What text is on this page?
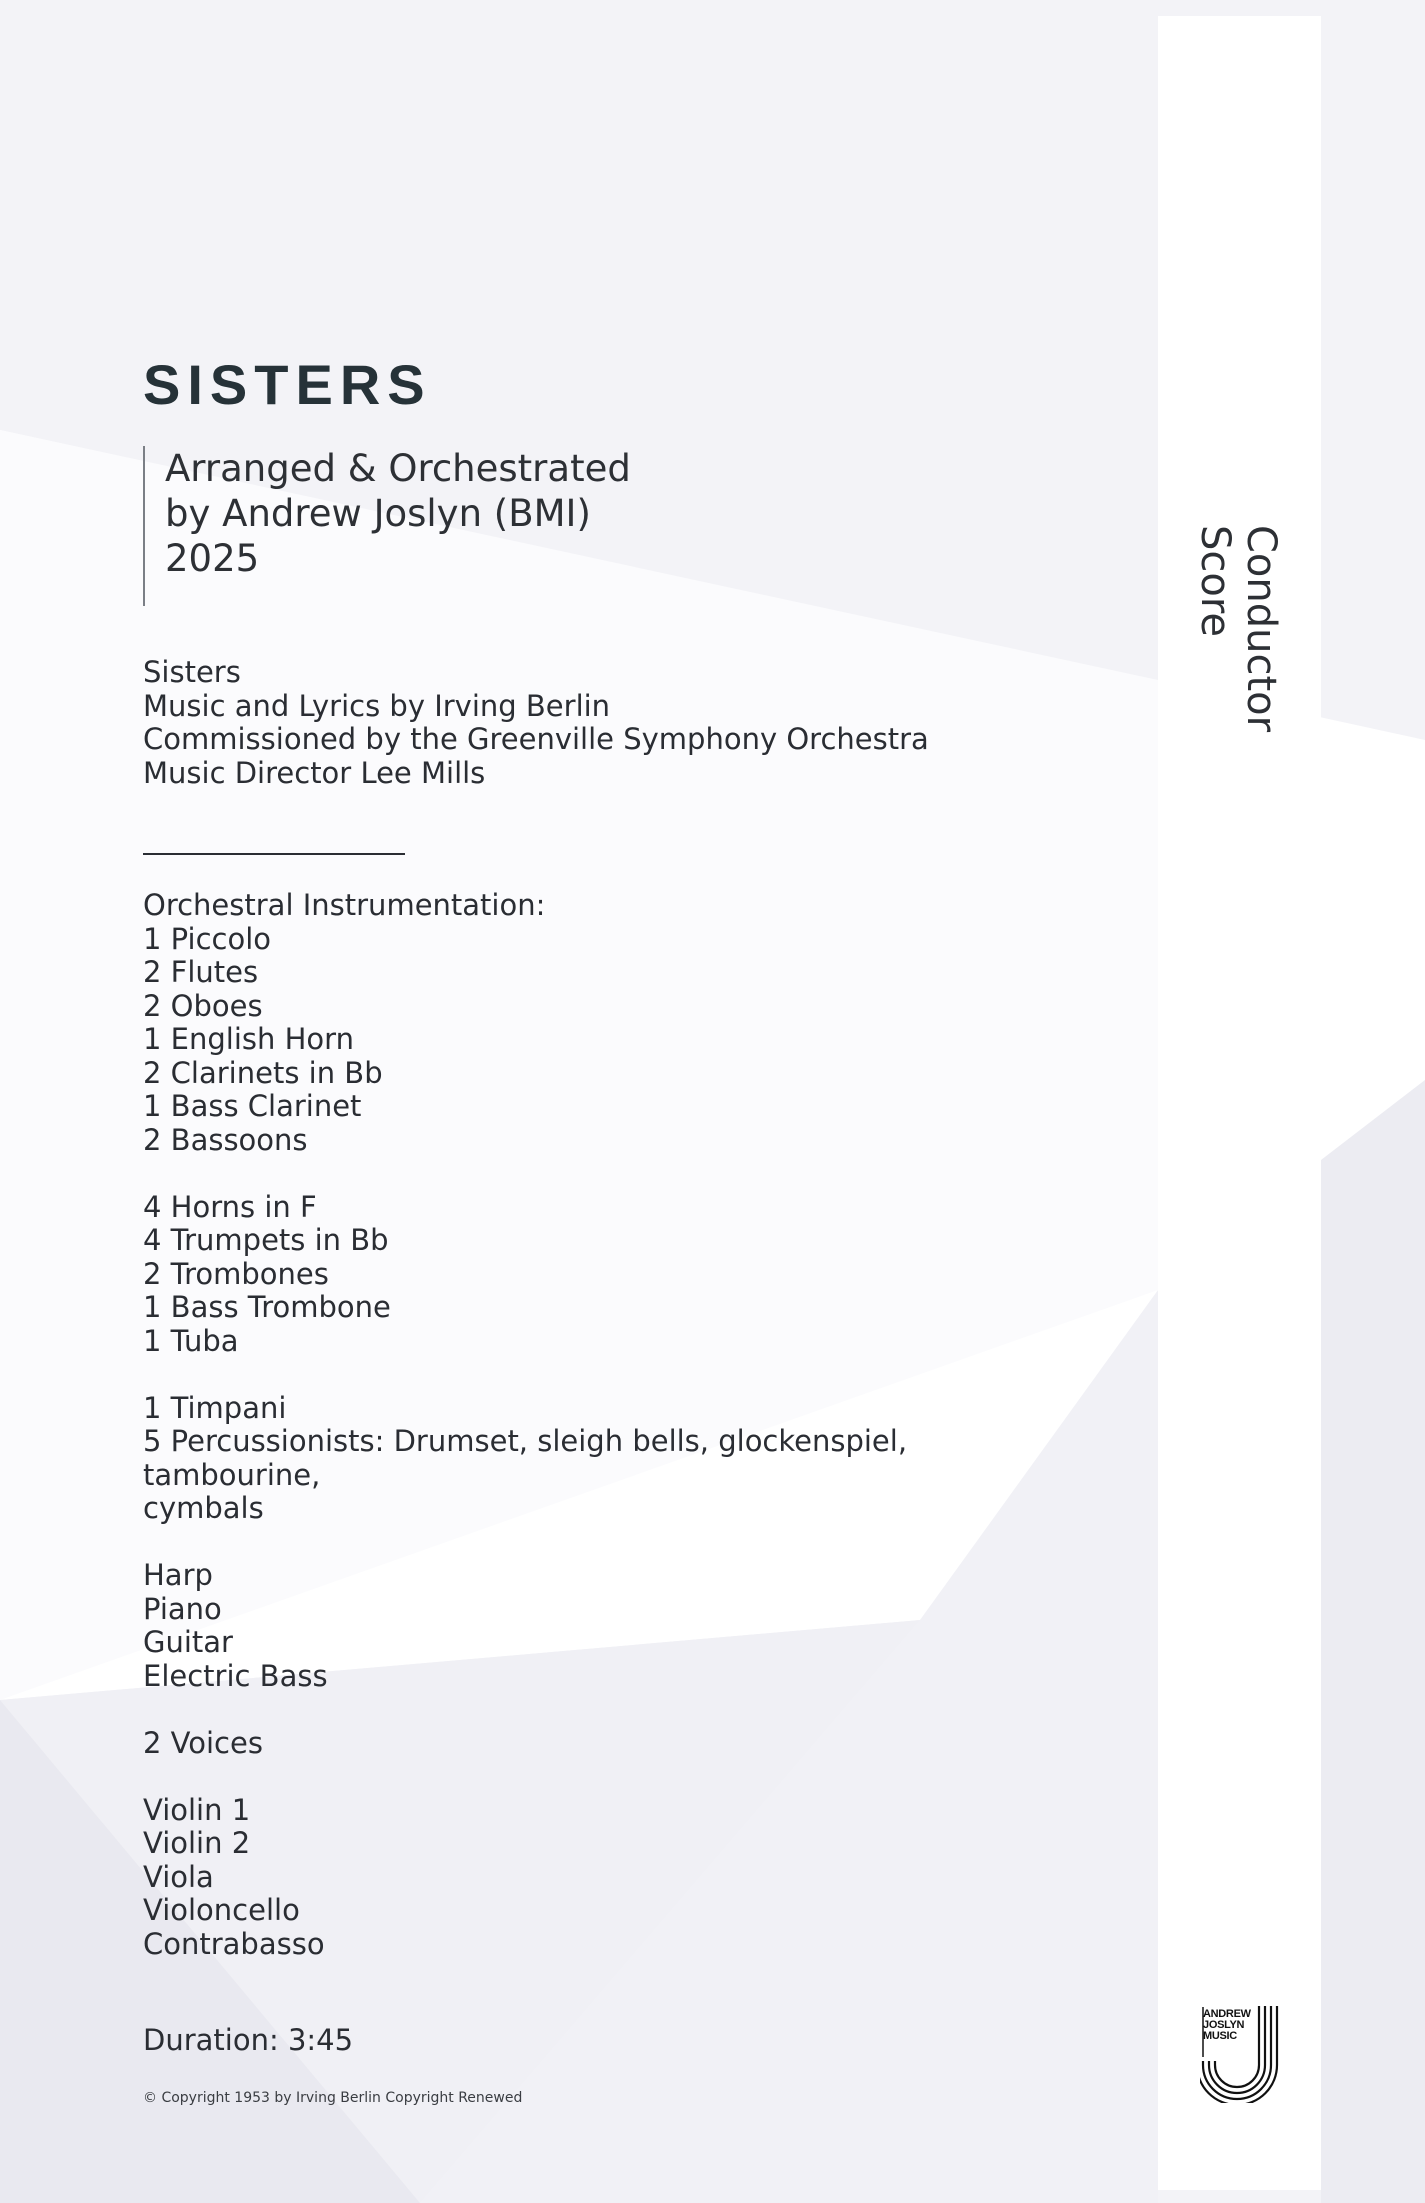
SISTERS
Arranged & Orchestrated
by Andrew Joslyn (BMI)
2025
Sisters
Music and Lyrics by Irving Berlin
Commissioned by the Greenville Symphony Orchestra
Music Director Lee Mills
Orchestral Instrumentation:
1 Piccolo
2 Flutes
2 Oboes
1 English Horn
2 Clarinets in Bb
1 Bass Clarinet
2 Bassoons
4 Horns in F
4 Trumpets in Bb
2 Trombones
1 Bass Trombone
1 Tuba
1 Timpani
5 Percussionists: Drumset, sleigh bells, glockenspiel, tambourine,
cymbals
Harp
Piano
Guitar
Electric Bass
2 Voices
Violin 1
Violin 2
Viola
Violoncello
Contrabasso
Duration: 3:45
© Copyright 1953 by Irving Berlin Copyright Renewed
Conductor
Score
ANDREW
JOSLYN
MUSIC
